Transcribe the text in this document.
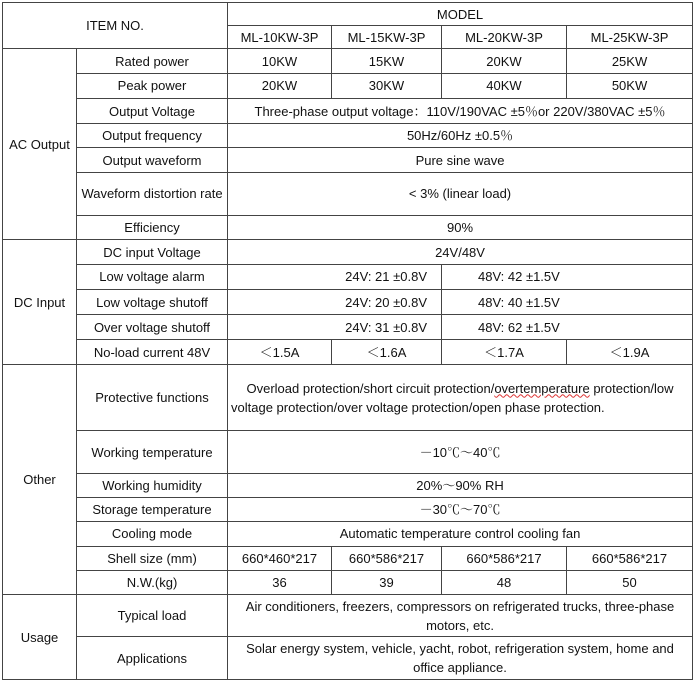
ITEM NO.		MODEL			
		ML-10KW-3P	ML-15KW-3P	ML-20KW-3P	ML-25KW-3P
AC Output	Rated power	10KW	15KW	20KW	25KW
	Peak power	20KW	30KW	40KW	50KW
	Output Voltage	Three-phase output voltage：110V/190VAC ±5％or 220V/380VAC ±5％			
	Output frequency	50Hz/60Hz ±0.5％			
	Output waveform	Pure sine wave			
	Waveform distortion rate	< 3% (linear load)			
	Efficiency	90%			
DC Input	DC input Voltage	24V/48V			
	Low voltage alarm	24V: 21 ±0.8V		48V: 42 ±1.5V	
	Low voltage shutoff	24V: 20 ±0.8V		48V: 40 ±1.5V	
	Over voltage shutoff	24V: 31 ±0.8V		48V: 62 ±1.5V	
	No-load current 48V	＜1.5A	＜1.6A	＜1.7A	＜1.9A
Other	Protective functions	Overload protection/short circuit protection/overtemperature protection/low voltage protection/over voltage protection/open phase protection.			
	Working temperature	－10℃～40℃			
	Working humidity	20%～90% RH			
	Storage temperature	－30℃～70℃			
	Cooling mode	Automatic temperature control cooling fan			
	Shell size (mm)	660*460*217	660*586*217	660*586*217	660*586*217
	N.W.(kg)	36	39	48	50
Usage	Typical load	Air conditioners, freezers, compressors on refrigerated trucks, three-phase motors, etc.			
	Applications	Solar energy system, vehicle, yacht, robot, refrigeration system, home and office appliance.			
